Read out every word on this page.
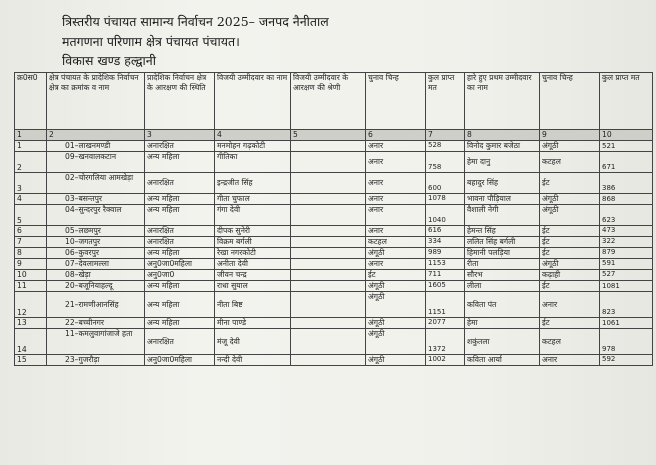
त्रिस्तरीय पंचायत सामान्य निर्वाचन 2025– जनपद नैनीताल
मतगणना परिणाम क्षेत्र पंचायत पंचायत।
विकास खण्ड हल्द्वानी
क्र0स0	क्षेत्र पंचायत के प्रादेशिक निर्वाचन क्षेत्र का क्रमांक व नाम	प्रादेशिक निर्वाचन क्षेत्र के आरक्षण की स्थिति	विजयी उम्मीदवार का नाम	विजयी उम्मीदवार के आरक्षण की श्रेणी	चुनाव चिन्ह	कुल प्राप्त मत	हारे हुए प्रथम उम्मीदवार का नाम	चुनाव चिन्ह	कुल प्राप्त मत
1	2	3	4	5	6	7	8	9	10
1	01–लाखनमण्डी	अनारक्षित	मनमोहन गढ़कोटी		अनार	528	विनोद कुमार बजेठा	अंगूठी	521
2	09–खनवालकटान	अन्य महिला	गीतिका		अनार	758	हेमा दानु	कटहल	671
3	02–चोरगलिया आमखेड़ा	अनारक्षित	इन्द्रजीत सिंह		अनार	600	बहादुर सिंह	ईट	386
4	03–बसन्तपुर	अन्य महिला	गीता चुफाल		अनार	1078	भावना पौड़ियाल	अंगूठी	868
5	04–सुन्दरपुर रैक्वाल	अन्य महिला	गंगा देवी		अनार	1040	वैशाली नेगी	अंगूठी	623
6	05–लछमपुर	अनारक्षित	दीपक सुनेरी		अनार	616	हेमन्त सिंह	ईट	473
7	10–जगतपुर	अनारक्षित	विक्रम बर्गली		कटहल	334	ललित सिंह बर्गली	ईट	322
8	06–कुवरपुर	अन्य महिला	रेखा नगरकोटी		अंगूठी	989	हिमानी पलड़िया	ईट	879
9	07–देवलामल्ला	अनु0जा0महिला	अनीता देवी		अनार	1153	रीता	अंगूठी	591
10	08–खेड़ा	अनु0जा0	जीवन चन्द्र		ईट	711	सौरभ	कढ़ाही	527
11	20–बजूनियाहल्दू	अन्य महिला	राधा सुयाल		अंगूठी	1605	लीला	ईट	1081
12	21–रामणीआनसिंह	अन्य महिला	नीता बिष्ट		अंगूठी	1151	कविता पंत	अनार	823
13	22–बच्चीनगर	अन्य महिला	मीना पाण्डे		अंगूठी	2077	हेमा	ईट	1061
14	11–कमलुवागांजाजे हता	अनारक्षित	मंजू देवी		अंगूठी	1372	शकुंतला	कटहल	978
15	23–गुजरौड़ा	अनु0जा0महिला	नन्दी देवी		अंगूठी	1002	कविता आर्या	अनार	592
